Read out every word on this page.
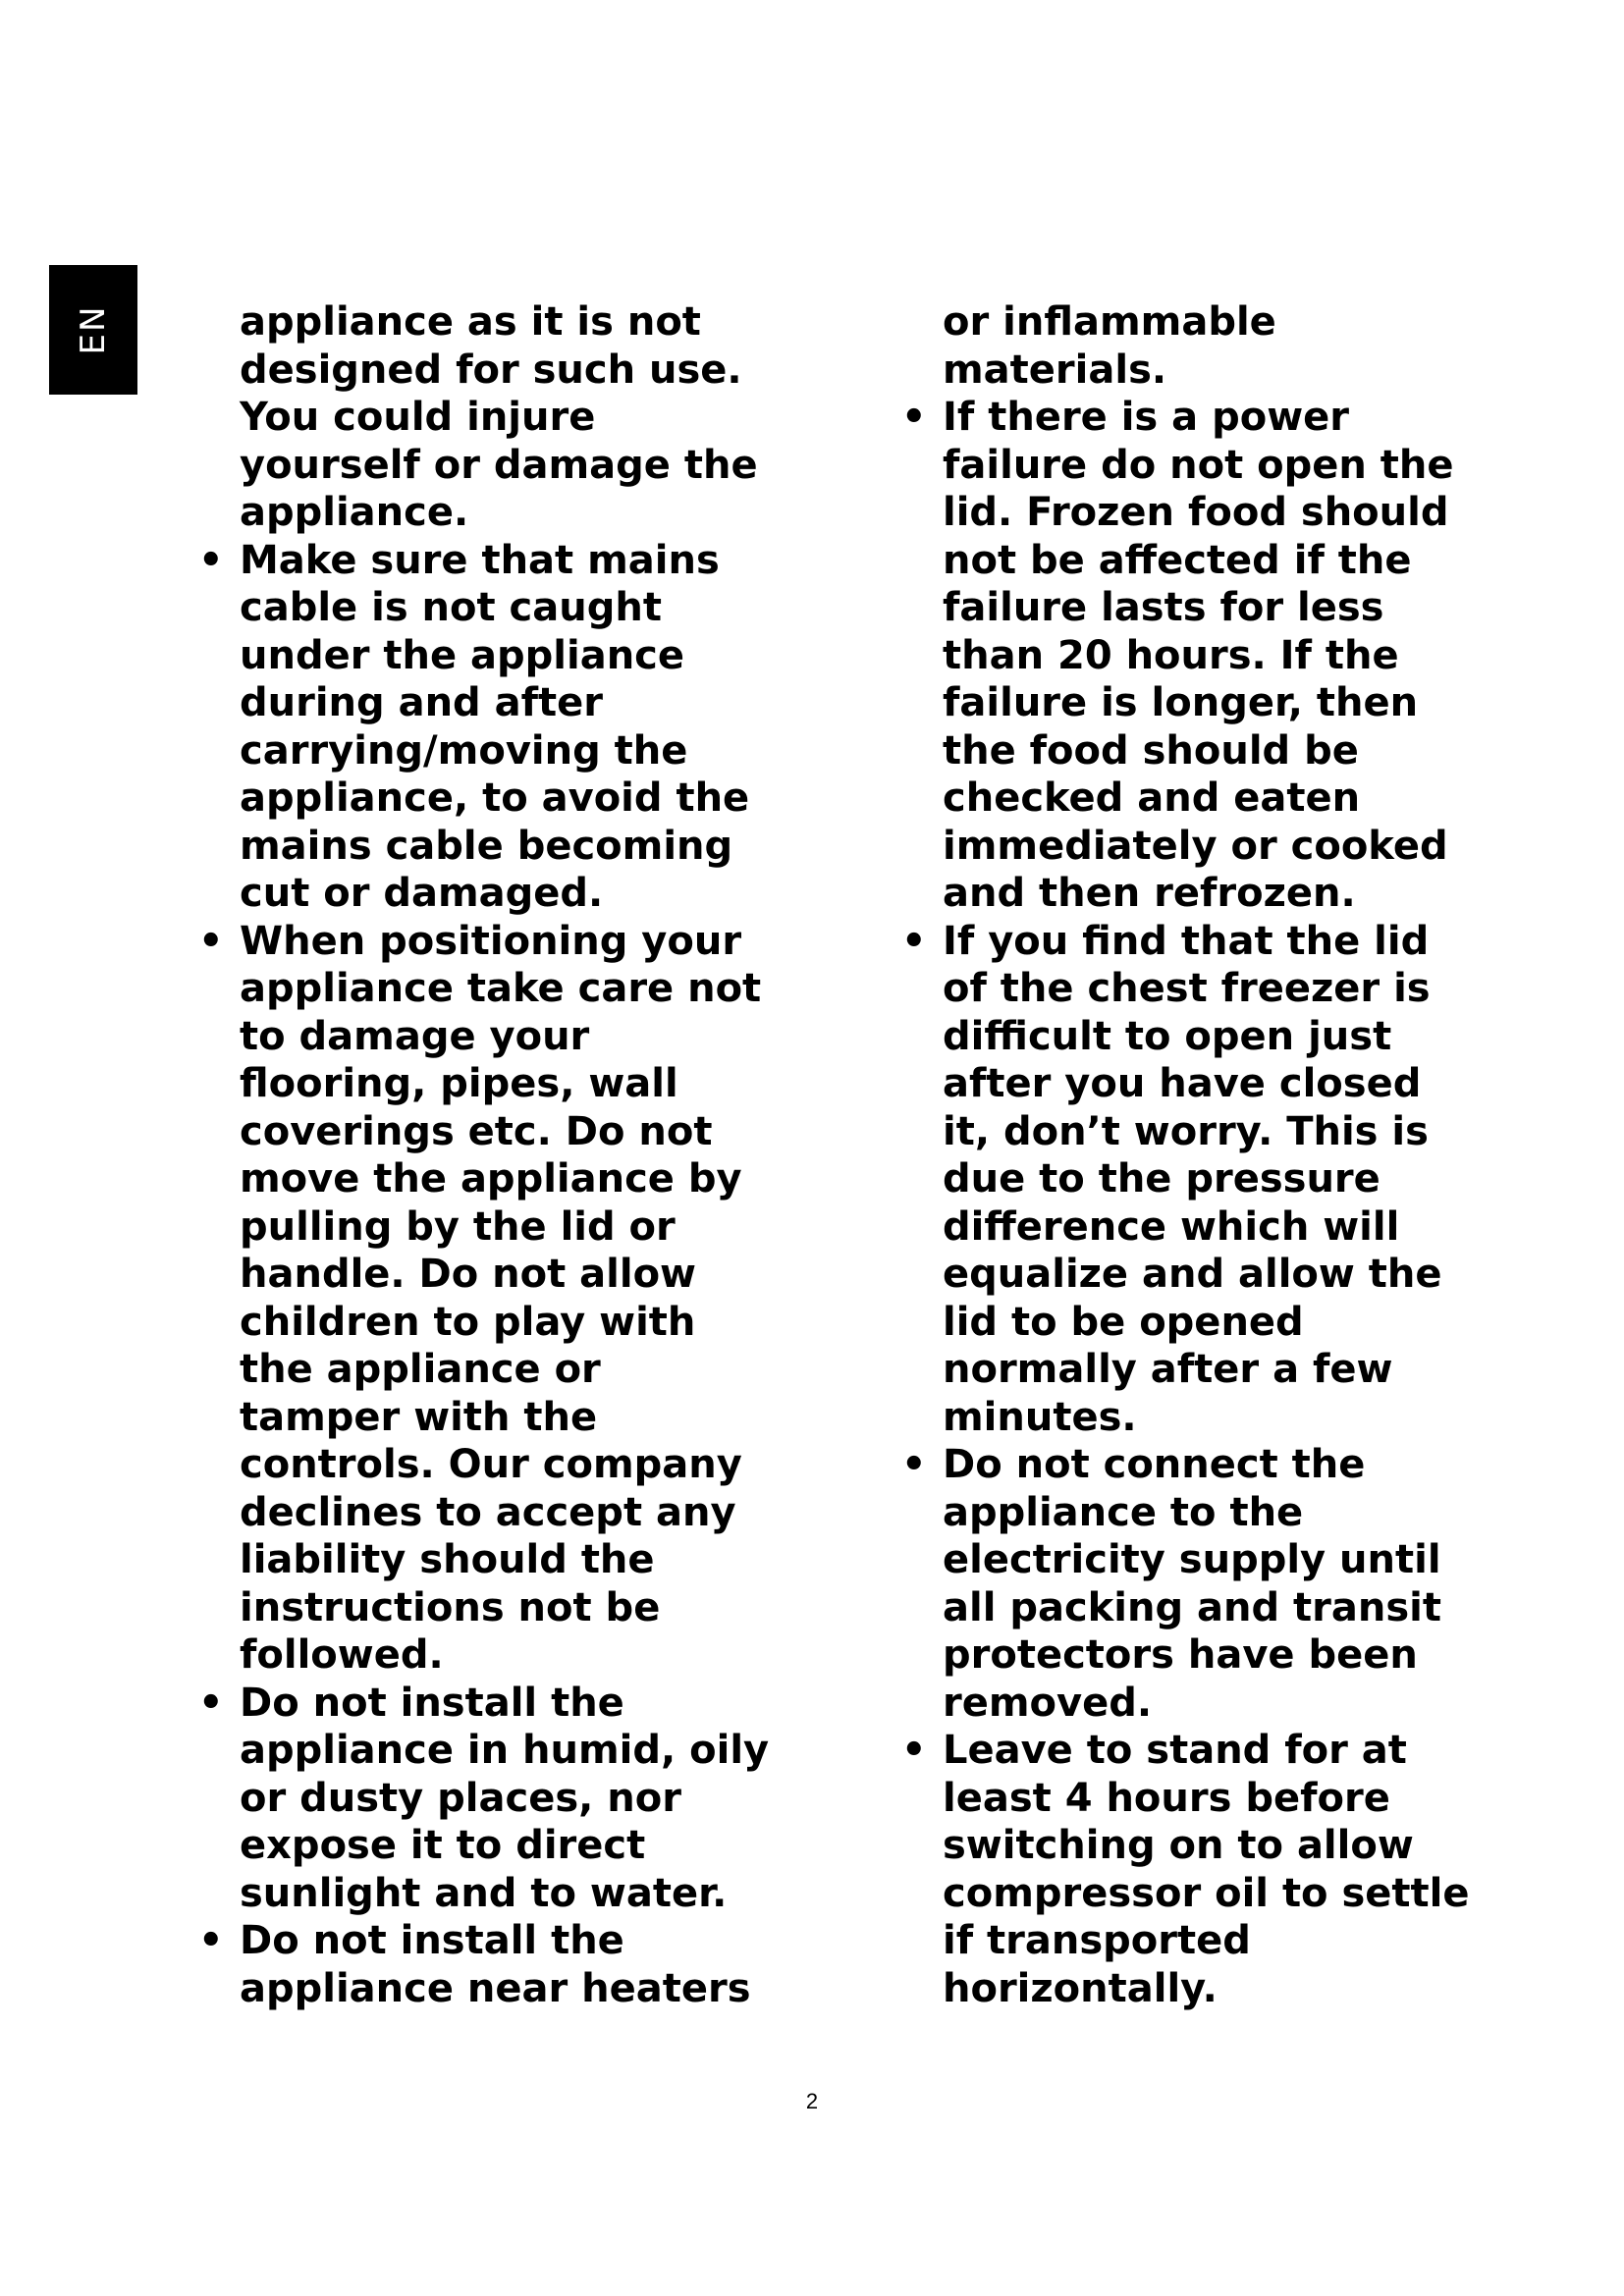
EN	appliance as it is not
designed for such use.
You could injure
yourself or damage the
appliance.

• Make sure that mains
cable is not caught
under the appliance
during and after
carrying/moving the
appliance, to avoid the
mains cable becoming
cut or damaged.

• When positioning your
appliance take care not
to damage your
flooring, pipes, wall
coverings etc. Do not
move the appliance by
pulling by the lid or
handle. Do not allow
children to play with
the appliance or
tamper with the
controls. Our company
declines to accept any
liability should the
instructions not be
followed.

• Do not install the
appliance in humid, oily
or dusty places, nor
expose it to direct
sunlight and to water.

• Do not install the
appliance near heaters

or inflammable
materials.

• If there is a power
failure do not open the
lid. Frozen food should
not be affected if the
failure lasts for less
than 20 hours. If the
failure is longer, then
the food should be
checked and eaten
immediately or cooked
and then refrozen.

• If you find that the lid
of the chest freezer is
difficult to open just
after you have closed
it, don’t worry. This is
due to the pressure
difference which will
equalize and allow the
lid to be opened
normally after a few
minutes.

• Do not connect the
appliance to the
electricity supply until
all packing and transit
protectors have been
removed.

• Leave to stand for at
least 4 hours before
switching on to allow
compressor oil to settle
if transported
horizontally.

2
